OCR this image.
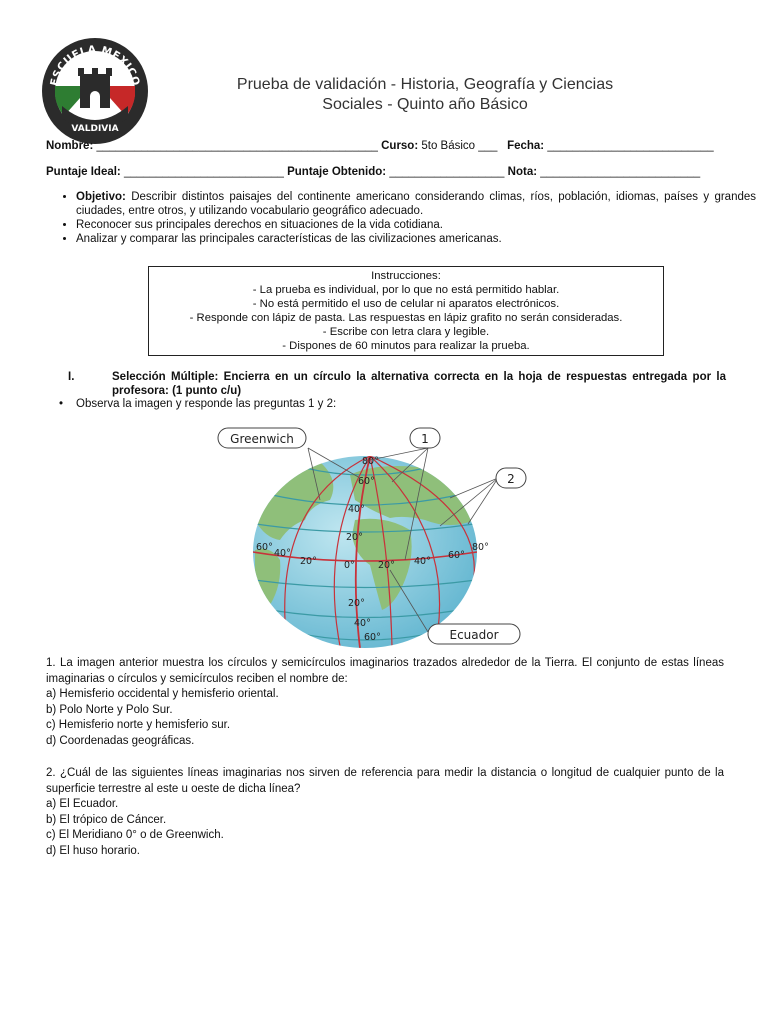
ESCUELA MEXICO
1890
VALDIVIA
Prueba de validación - Historia, Geografía y Ciencias
Sociales - Quinto año Básico
Nombre: ____________________________________________ Curso: 5to Básico ___ Fecha: __________________________
Puntaje Ideal: _________________________ Puntaje Obtenido: __________________ Nota: _________________________
• Objetivo: Describir distintos paisajes del continente americano considerando climas, ríos, población, idiomas, países y grandes ciudades, entre otros, y utilizando vocabulario geográfico adecuado.
• Reconocer sus principales derechos en situaciones de la vida cotidiana.
• Analizar y comparar las principales características de las civilizaciones americanas.
Instrucciones:
- La prueba es individual, por lo que no está permitido hablar.
- No está permitido el uso de celular ni aparatos electrónicos.
- Responde con lápiz de pasta. Las respuestas en lápiz grafito no serán consideradas.
- Escribe con letra clara y legible.
- Dispones de 60 minutos para realizar la prueba.
I.	Selección Múltiple: Encierra en un círculo la alternativa correcta en la hoja de respuestas entregada por la profesora: (1 punto c/u)
• Observa la imagen y responde las preguntas 1 y 2:
80°
60°
40°
20°
20°
40°
60°
60°
40°
20°	0° 20° 40°
60°
80°
Greenwich	1
2
Ecuador

1. La imagen anterior muestra los círculos y semicírculos imaginarios trazados alrededor de la Tierra. El conjunto de estas líneas imaginarias o círculos y semicírculos reciben el nombre de:

a) Hemisferio occidental y hemisferio oriental.

b) Polo Norte y Polo Sur.

c) Hemisferio norte y hemisferio sur.

d) Coordenadas geográficas.

2. ¿Cuál de las siguientes líneas imaginarias nos sirven de referencia para medir la distancia o longitud de cualquier punto de la superficie terrestre al este u oeste de dicha línea?

a) El Ecuador.

b) El trópico de Cáncer.

c) El Meridiano 0° o de Greenwich.

d) El huso horario.
